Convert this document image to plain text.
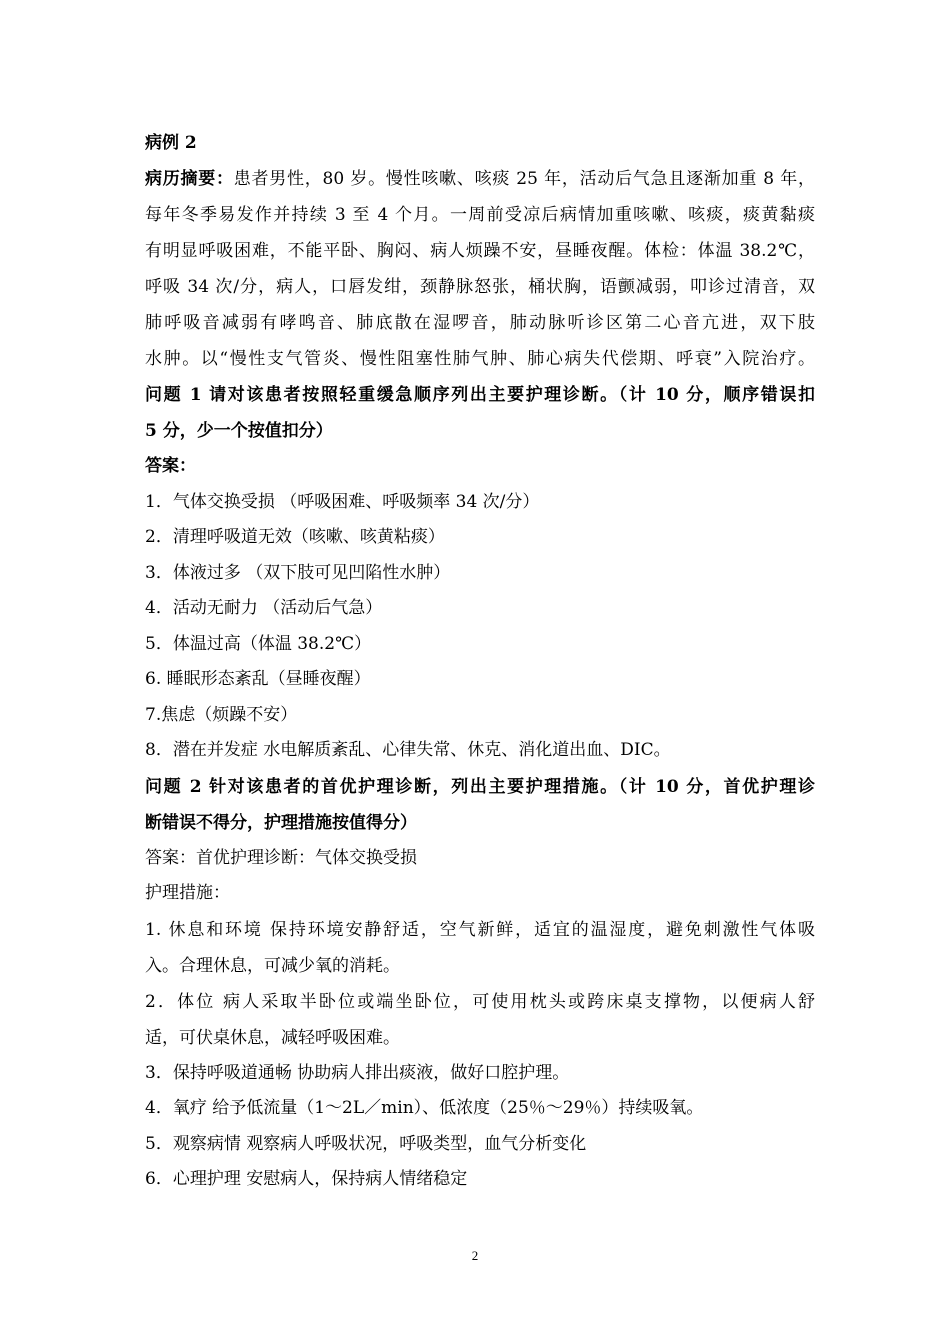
病例 2
病历摘要：患者男性，80 岁。慢性咳嗽、咳痰 25 年，活动后气急且逐渐加重 8 年，
每年冬季易发作并持续 3 至 4 个月。一周前受凉后病情加重咳嗽、咳痰，痰黄黏痰
有明显呼吸困难，不能平卧、胸闷、病人烦躁不安，昼睡夜醒。体检：体温 38.2℃，
呼吸 34 次/分，病人，口唇发绀，颈静脉怒张，桶状胸，语颤减弱，叩诊过清音，双
肺呼吸音减弱有哮鸣音、肺底散在湿啰音，肺动脉听诊区第二心音亢进，双下肢
水肿。以“慢性支气管炎、慢性阻塞性肺气肿、肺心病失代偿期、呼衰”入院治疗。
问题 1 请对该患者按照轻重缓急顺序列出主要护理诊断。（计 10 分，顺序错误扣
5 分，少一个按值扣分）
答案：
1．气体交换受损 （呼吸困难、呼吸频率 34 次/分）
2．清理呼吸道无效（咳嗽、咳黄粘痰）
3．体液过多 （双下肢可见凹陷性水肿）
4．活动无耐力 （活动后气急）
5．体温过高（体温 38.2℃）
6. 睡眠形态紊乱（昼睡夜醒）
7.焦虑（烦躁不安）
8．潜在并发症 水电解质紊乱、心律失常、休克、消化道出血、DIC。
问题 2 针对该患者的首优护理诊断，列出主要护理措施。（计 10 分，首优护理诊
断错误不得分，护理措施按值得分）
答案：首优护理诊断：气体交换受损
护理措施：
1. 休息和环境 保持环境安静舒适，空气新鲜，适宜的温湿度，避免刺激性气体吸
入。合理休息，可减少氧的消耗。
2．体位 病人采取半卧位或端坐卧位，可使用枕头或跨床桌支撑物，以便病人舒
适，可伏桌休息，减轻呼吸困难。
3．保持呼吸道通畅 协助病人排出痰液，做好口腔护理。
4．氧疗 给予低流量（1～2L／min）、低浓度（25％～29％）持续吸氧。
5．观察病情 观察病人呼吸状况，呼吸类型，血气分析变化
6．心理护理 安慰病人，保持病人情绪稳定
2
